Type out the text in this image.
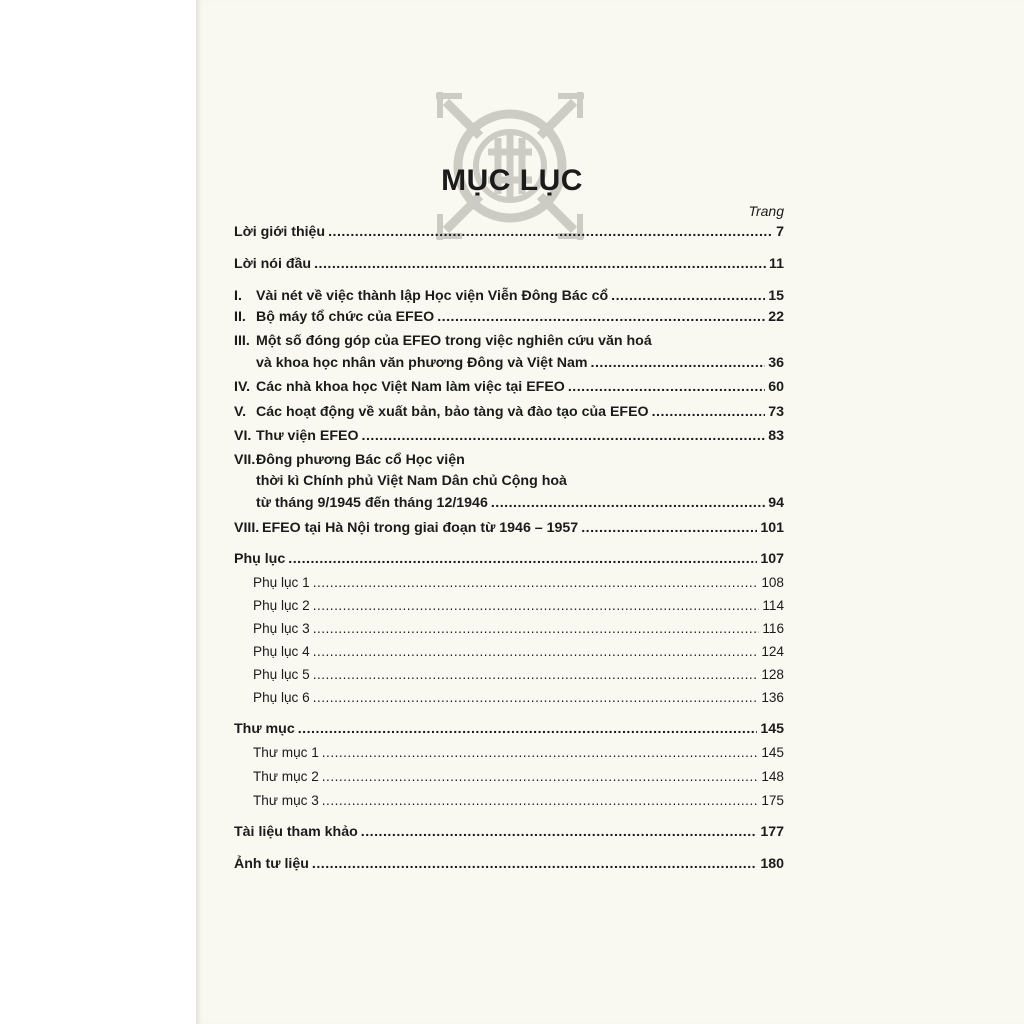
MỤC LỤC
Trang
Lời giới thiệu .....	7
Lời nói đầu .....	11
I. Vài nét về việc thành lập Học viện Viễn Đông Bác cổ .....	15
II. Bộ máy tổ chức của EFEO .....	22
III. Một số đóng góp của EFEO trong việc nghiên cứu văn hoá
và khoa học nhân văn phương Đông và Việt Nam .....	36
IV. Các nhà khoa học Việt Nam làm việc tại EFEO .....	60
V. Các hoạt động về xuất bản, bảo tàng và đào tạo của EFEO .....	73
VI. Thư viện EFEO .....	83
VII. Đông phương Bác cổ Học viện
thời kì Chính phủ Việt Nam Dân chủ Cộng hoà
từ tháng 9/1945 đến tháng 12/1946 .....	94
VIII. EFEO tại Hà Nội trong giai đoạn từ 1946 – 1957 .....	101
Phụ lục .....	107
Phụ lục 1 .....	108
Phụ lục 2 .....	114
Phụ lục 3 .....	116
Phụ lục 4 .....	124
Phụ lục 5 .....	128
Phụ lục 6 .....	136
Thư mục .....	145
Thư mục 1 .....	145
Thư mục 2 .....	148
Thư mục 3 .....	175
Tài liệu tham khảo .....	177
Ảnh tư liệu .....	180
